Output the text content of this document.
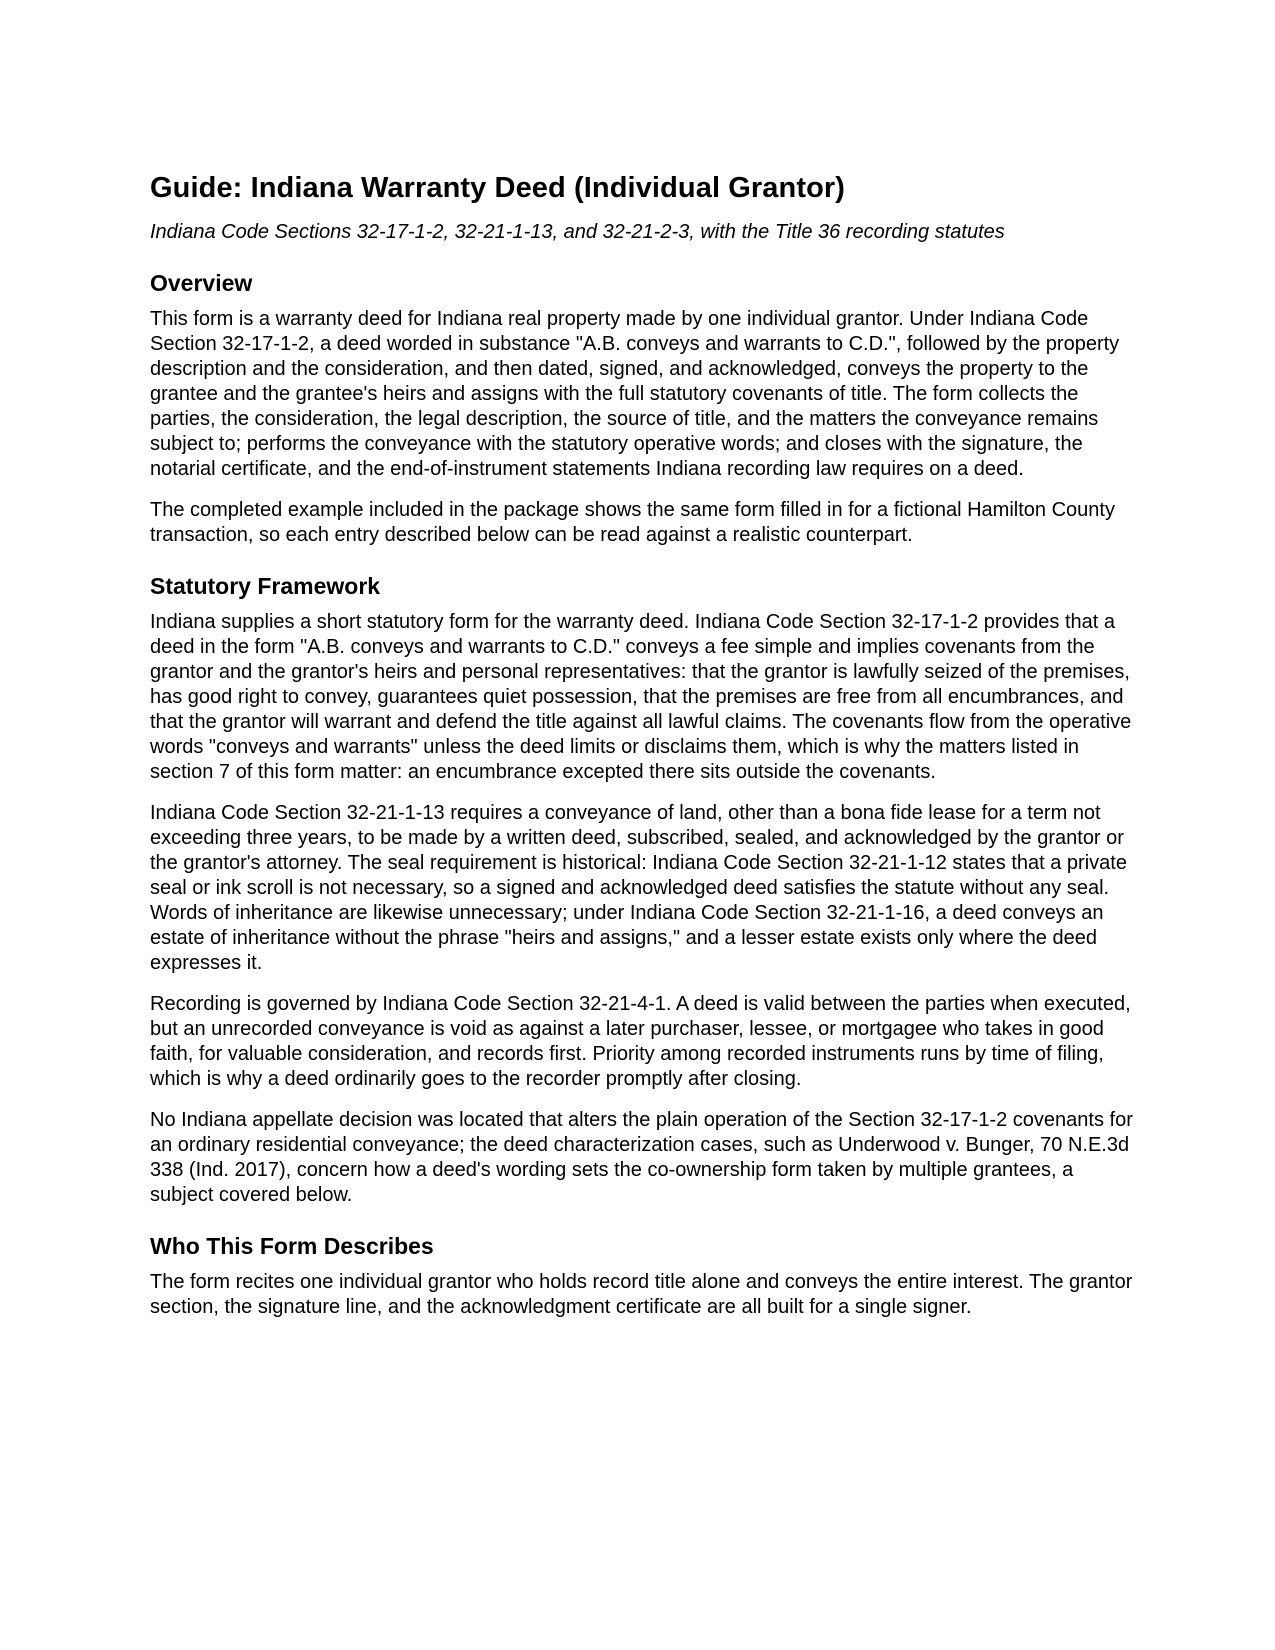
Guide: Indiana Warranty Deed (Individual Grantor)
Indiana Code Sections 32-17-1-2, 32-21-1-13, and 32-21-2-3, with the Title 36 recording statutes
Overview

This form is a warranty deed for Indiana real property made by one individual grantor. Under Indiana Code Section 32-17-1-2, a deed worded in substance "A.B. conveys and warrants to C.D.", followed by the property description and the consideration, and then dated, signed, and acknowledged, conveys the property to the grantee and the grantee's heirs and assigns with the full statutory covenants of title. The form collects the parties, the consideration, the legal description, the source of title, and the matters the conveyance remains subject to; performs the conveyance with the statutory operative words; and closes with the signature, the notarial certificate, and the end-of-instrument statements Indiana recording law requires on a deed.

The completed example included in the package shows the same form filled in for a fictional Hamilton County transaction, so each entry described below can be read against a realistic counterpart.

Statutory Framework

Indiana supplies a short statutory form for the warranty deed. Indiana Code Section 32-17-1-2 provides that a deed in the form "A.B. conveys and warrants to C.D." conveys a fee simple and implies covenants from the grantor and the grantor's heirs and personal representatives: that the grantor is lawfully seized of the premises, has good right to convey, guarantees quiet possession, that the premises are free from all encumbrances, and that the grantor will warrant and defend the title against all lawful claims. The covenants flow from the operative words "conveys and warrants" unless the deed limits or disclaims them, which is why the matters listed in section 7 of this form matter: an encumbrance excepted there sits outside the covenants.

Indiana Code Section 32-21-1-13 requires a conveyance of land, other than a bona fide lease for a term not exceeding three years, to be made by a written deed, subscribed, sealed, and acknowledged by the grantor or the grantor's attorney. The seal requirement is historical: Indiana Code Section 32-21-1-12 states that a private seal or ink scroll is not necessary, so a signed and acknowledged deed satisfies the statute without any seal. Words of inheritance are likewise unnecessary; under Indiana Code Section 32-21-1-16, a deed conveys an estate of inheritance without the phrase "heirs and assigns," and a lesser estate exists only where the deed expresses it.

Recording is governed by Indiana Code Section 32-21-4-1. A deed is valid between the parties when executed, but an unrecorded conveyance is void as against a later purchaser, lessee, or mortgagee who takes in good faith, for valuable consideration, and records first. Priority among recorded instruments runs by time of filing, which is why a deed ordinarily goes to the recorder promptly after closing.

No Indiana appellate decision was located that alters the plain operation of the Section 32-17-1-2 covenants for an ordinary residential conveyance; the deed characterization cases, such as Underwood v. Bunger, 70 N.E.3d 338 (Ind. 2017), concern how a deed's wording sets the co-ownership form taken by multiple grantees, a subject covered below.

Who This Form Describes

The form recites one individual grantor who holds record title alone and conveys the entire interest. The grantor section, the signature line, and the acknowledgment certificate are all built for a single signer.
